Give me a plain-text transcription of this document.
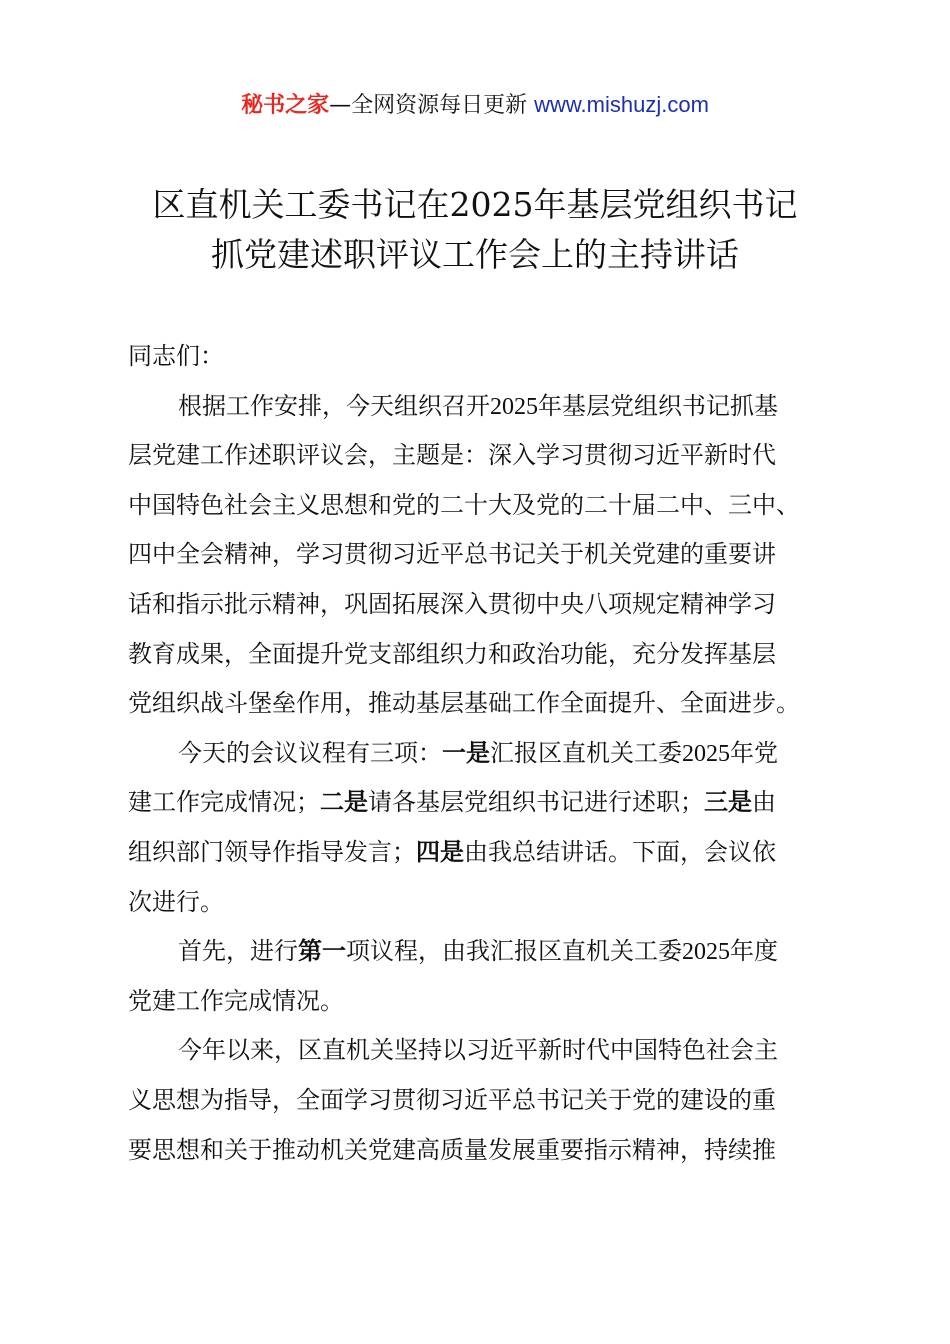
秘书之家—全网资源每日更新 www.mishuzj.com
区直机关工委书记在2025年基层党组织书记
抓党建述职评议工作会上的主持讲话
同志们：
根据工作安排，今天组织召开2025年基层党组织书记抓基
层党建工作述职评议会，主题是：深入学习贯彻习近平新时代
中国特色社会主义思想和党的二十大及党的二十届二中、三中、
四中全会精神，学习贯彻习近平总书记关于机关党建的重要讲
话和指示批示精神，巩固拓展深入贯彻中央八项规定精神学习
教育成果，全面提升党支部组织力和政治功能，充分发挥基层
党组织战斗堡垒作用，推动基层基础工作全面提升、全面进步。
今天的会议议程有三项：一是汇报区直机关工委2025年党
建工作完成情况；二是请各基层党组织书记进行述职；三是由
组织部门领导作指导发言；四是由我总结讲话。下面，会议依
次进行。
首先，进行第一项议程，由我汇报区直机关工委2025年度
党建工作完成情况。
今年以来，区直机关坚持以习近平新时代中国特色社会主
义思想为指导，全面学习贯彻习近平总书记关于党的建设的重
要思想和关于推动机关党建高质量发展重要指示精神，持续推
